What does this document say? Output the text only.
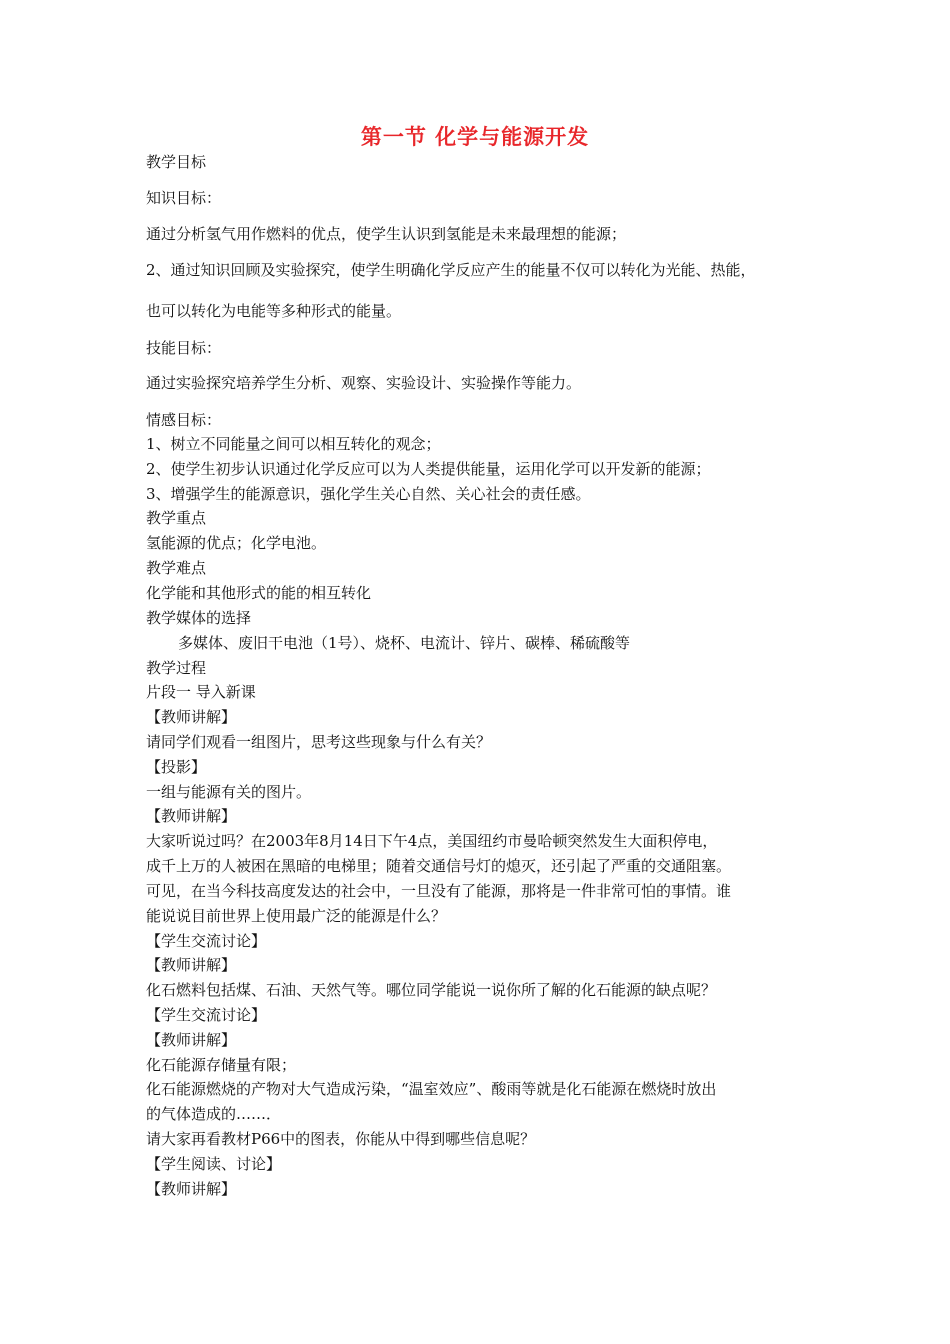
第一节 化学与能源开发
教学目标
知识目标：
通过分析氢气用作燃料的优点，使学生认识到氢能是未来最理想的能源；
2、通过知识回顾及实验探究，使学生明确化学反应产生的能量不仅可以转化为光能、热能，
也可以转化为电能等多种形式的能量。
技能目标：
通过实验探究培养学生分析、观察、实验设计、实验操作等能力。
情感目标：
1、树立不同能量之间可以相互转化的观念；
2、使学生初步认识通过化学反应可以为人类提供能量，运用化学可以开发新的能源；
3、增强学生的能源意识，强化学生关心自然、关心社会的责任感。
教学重点
氢能源的优点；化学电池。
教学难点
化学能和其他形式的能的相互转化
教学媒体的选择
多媒体、废旧干电池（1号）、烧杯、电流计、锌片、碳棒、稀硫酸等
教学过程
片段一 导入新课
【教师讲解】
请同学们观看一组图片，思考这些现象与什么有关？
【投影】
一组与能源有关的图片。
【教师讲解】
大家听说过吗？在2003年8月14日下午4点，美国纽约市曼哈顿突然发生大面积停电，
成千上万的人被困在黑暗的电梯里；随着交通信号灯的熄灭，还引起了严重的交通阻塞。
可见，在当今科技高度发达的社会中，一旦没有了能源，那将是一件非常可怕的事情。谁
能说说目前世界上使用最广泛的能源是什么？
【学生交流讨论】
【教师讲解】
化石燃料包括煤、石油、天然气等。哪位同学能说一说你所了解的化石能源的缺点呢？
【学生交流讨论】
【教师讲解】
化石能源存储量有限；
化石能源燃烧的产物对大气造成污染，“温室效应”、酸雨等就是化石能源在燃烧时放出
的气体造成的……．
请大家再看教材P66中的图表，你能从中得到哪些信息呢？
【学生阅读、讨论】
【教师讲解】
